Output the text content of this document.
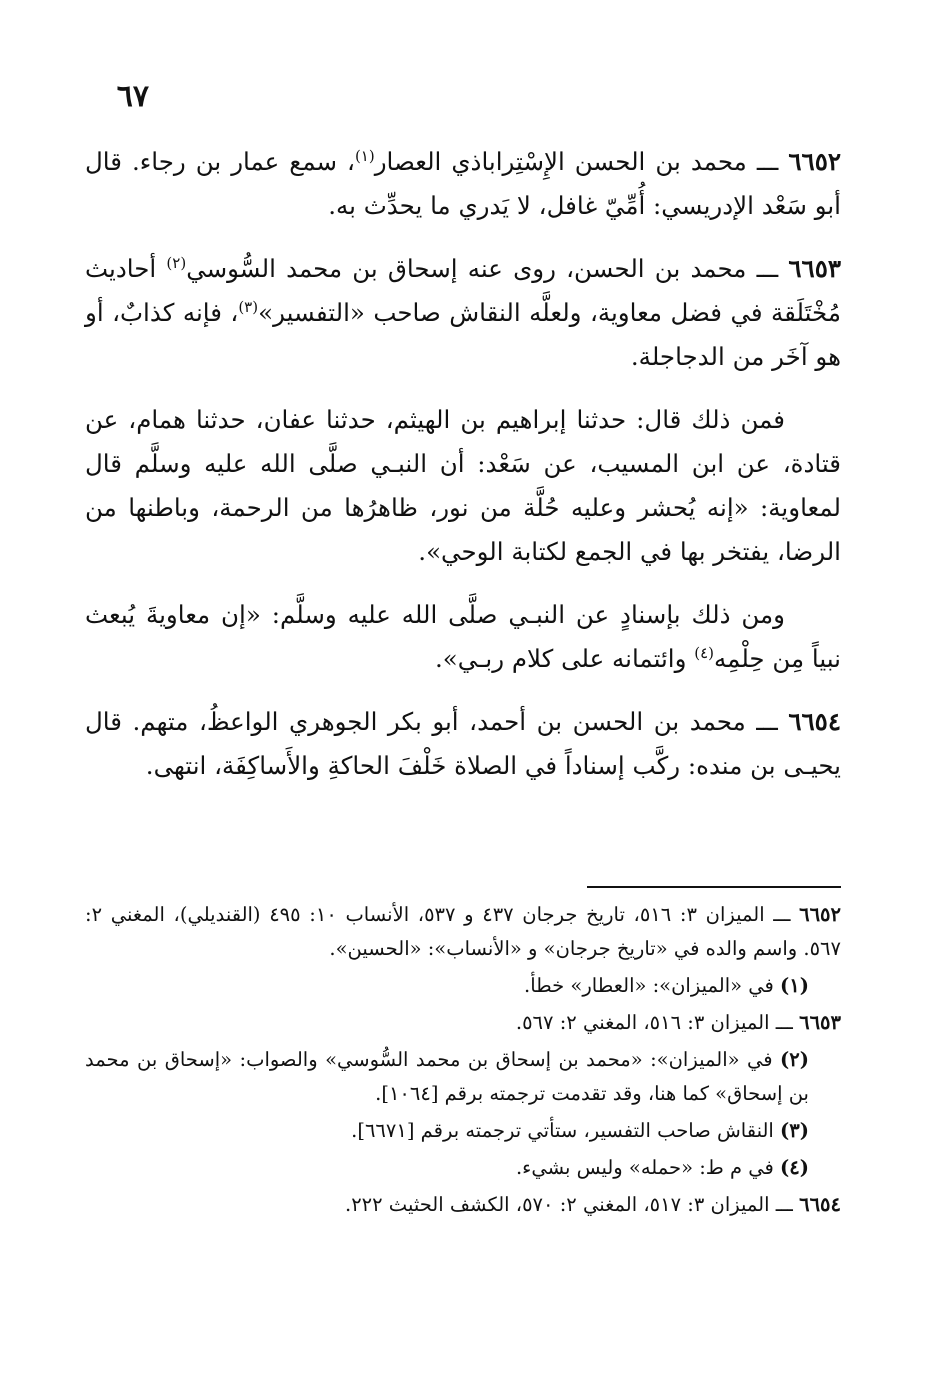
٦٧

٦٦٥٢ ـــ محمد بن الحسن الإِسْتِراباذي العصار$^{(١)}$، سمع عمار بن رجاء. قال أبو سَعْد الإدريسي: أُمِّيّ غافل، لا يَدري ما يحدِّث به.

٦٦٥٣ ـــ محمد بن الحسن، روى عنه إسحاق بن محمد السُّوسي$^{(٢)}$ أحاديث مُخْتَلَقة في فضل معاوية، ولعلَّه النقاش صاحب «التفسير»$^{(٣)}$، فإنه كذابٌ، أو هو آخَر من الدجاجلة.

فمن ذلك قال: حدثنا إبراهيم بن الهيثم، حدثنا عفان، حدثنا همام، عن قتادة، عن ابن المسيب، عن سَعْد: أن النبـي صلَّى الله عليه وسلَّم قال لمعاوية: «إنه يُحشر وعليه حُلَّة من نور، ظاهرُها من الرحمة، وباطنها من الرضا، يفتخر بها في الجمع لكتابة الوحي».

ومن ذلك بإسنادٍ عن النبـي صلَّى الله عليه وسلَّم: «إن معاويةَ يُبعث نبياً مِن حِلْمِه$^{(٤)}$ وائتمانه على كلام ربـي».

٦٦٥٤ ـــ محمد بن الحسن بن أحمد، أبو بكر الجوهري الواعظُ، متهم. قال يحيـى بن منده: ركَّب إسناداً في الصلاة خَلْفَ الحاكةِ والأَساكِفَة، انتهى.

٦٦٥٢ ـــ الميزان ٣: ٥١٦، تاريخ جرجان ٤٣٧ و ٥٣٧، الأنساب ١٠: ٤٩٥ (القنديلي)، المغني ٢: ٥٦٧. واسم والده في «تاريخ جرجان» و «الأنساب»: «الحسين».

(١) في «الميزان»: «العطار» خطأ.

٦٦٥٣ ـــ الميزان ٣: ٥١٦، المغني ٢: ٥٦٧.

(٢) في «الميزان»: «محمد بن إسحاق بن محمد السُّوسي» والصواب: «إسحاق بن محمد بن إسحاق» كما هنا، وقد تقدمت ترجمته برقم [١٠٦٤].

(٣) النقاش صاحب التفسير، ستأتي ترجمته برقم [٦٦٧١].

(٤) في م ط: «حمله» وليس بشيء.

٦٦٥٤ ـــ الميزان ٣: ٥١٧، المغني ٢: ٥٧٠، الكشف الحثيث ٢٢٢.
